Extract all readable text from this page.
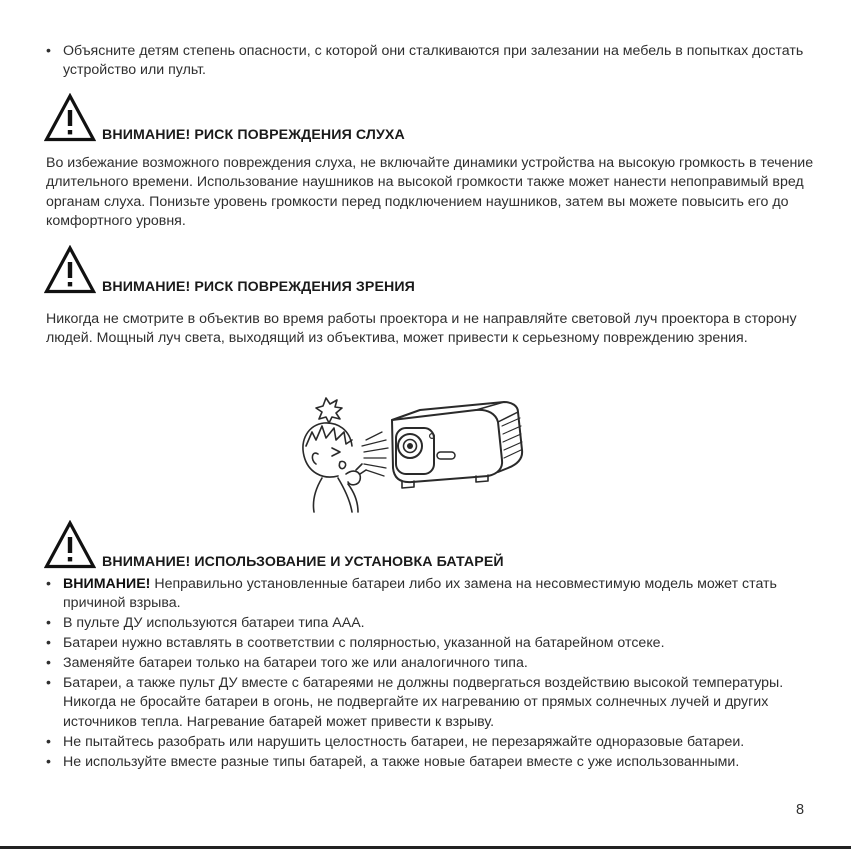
• Объясните детям степень опасности, с которой они сталкиваются при залезании на мебель в попытках достать устройство или пульт.
ВНИМАНИЕ! РИСК ПОВРЕЖДЕНИЯ СЛУХА

Во избежание возможного повреждения слуха, не включайте динамики устройства на высокую громкость в течение длительного времени. Использование наушников на высокой громкости также может нанести непоправимый вред органам слуха. Понизьте уровень громкости перед подключением наушников, затем вы можете повысить его до комфортного уровня.

ВНИМАНИЕ! РИСК ПОВРЕЖДЕНИЯ ЗРЕНИЯ

Никогда не смотрите в объектив во время работы проектора и не направляйте световой луч проектора в сторону людей. Мощный луч света, выходящий из объектива, может привести к серьезному повреждению зрения.

ВНИМАНИЕ! ИСПОЛЬЗОВАНИЕ И УСТАНОВКА БАТАРЕЙ
• ВНИМАНИЕ! Неправильно установленные батареи либо их замена на несовместимую модель может стать причиной взрыва.
• В пульте ДУ используются батареи типа AAA.
• Батареи нужно вставлять в соответствии с полярностью, указанной на батарейном отсеке.
• Заменяйте батареи только на батареи того же или аналогичного типа.
• Батареи, а также пульт ДУ вместе с батареями не должны подвергаться воздействию высокой температуры. Никогда не бросайте батареи в огонь, не подвергайте их нагреванию от прямых солнечных лучей и других источников тепла. Нагревание батарей может привести к взрыву.
• Не пытайтесь разобрать или нарушить целостность батареи, не перезаряжайте одноразовые батареи.
• Не используйте вместе разные типы батарей, а также новые батареи вместе с уже использованными.
8
